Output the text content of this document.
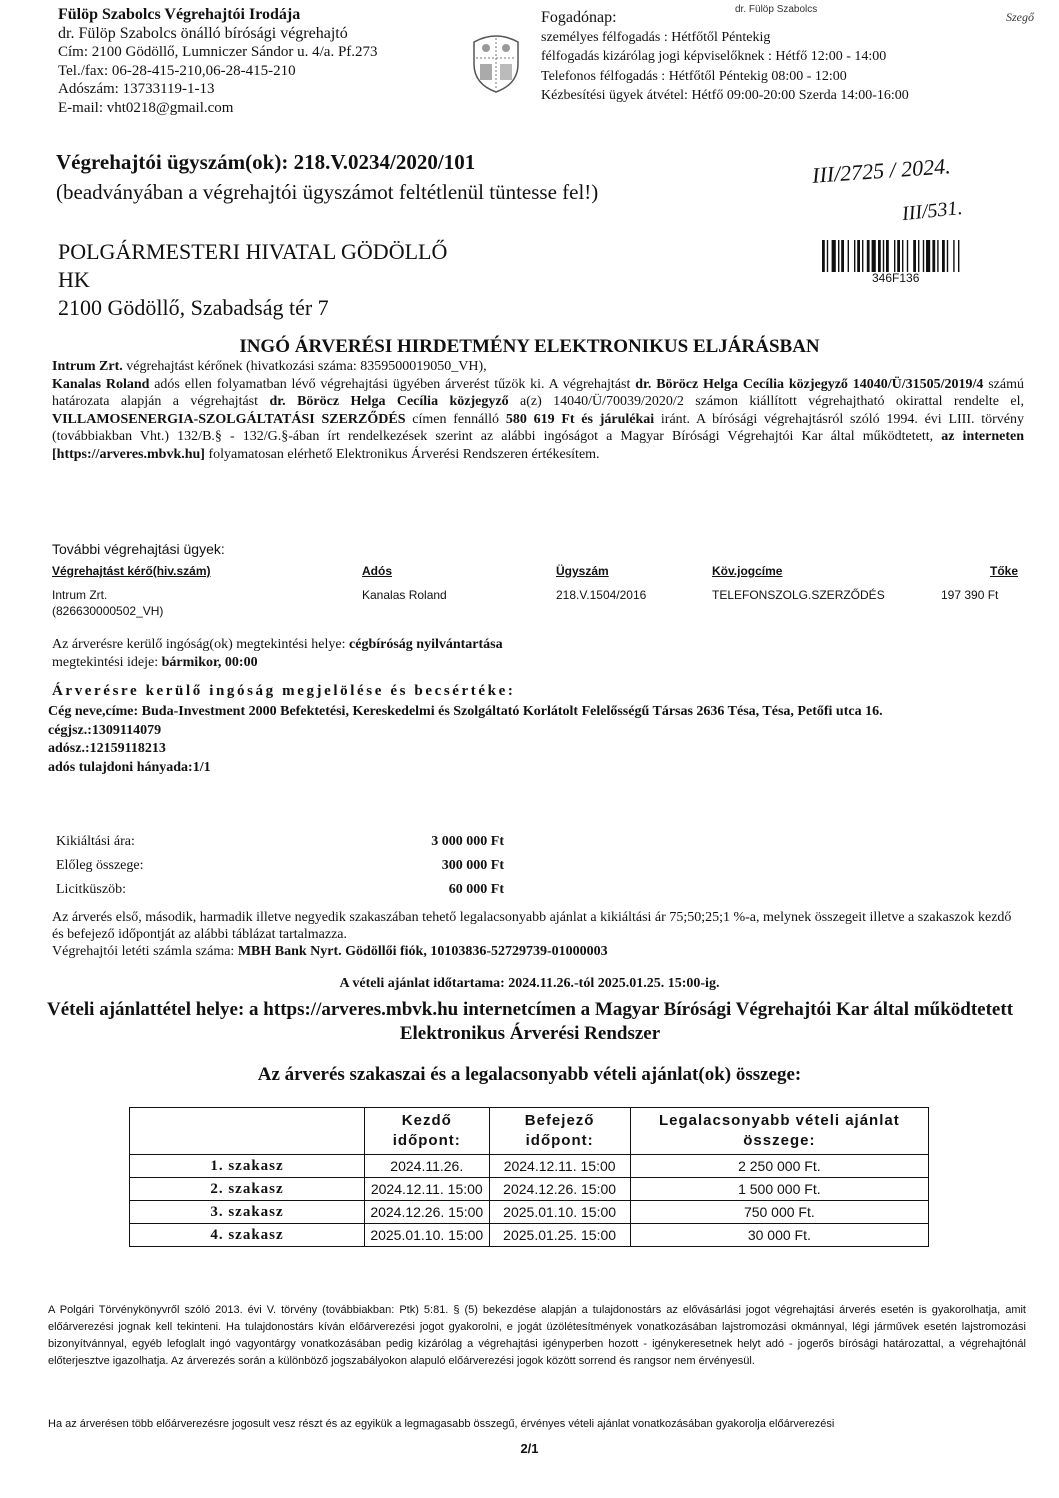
Fülöp Szabolcs Végrehajtói Irodája
dr. Fülöp Szabolcs önálló bírósági végrehajtó
Cím: 2100 Gödöllő, Lumniczer Sándor u. 4/a. Pf.273
Tel./fax: 06-28-415-210,06-28-415-210
Adószám: 13733119-1-13
E-mail: vht0218@gmail.com
Fogadónap:
személyes félfogadás : Hétfőtől Péntekig
félfogadás kizárólag jogi képviselőknek : Hétfő 12:00 - 14:00
Telefonos félfogadás : Hétfőtől Péntekig 08:00 - 12:00
Kézbesítési ügyek átvétel: Hétfő 09:00-20:00 Szerda 14:00-16:00
dr. Fülöp Szabolcs
Szegő
Végrehajtói ügyszám(ok): 218.V.0234/2020/101
(beadványában a végrehajtói ügyszámot feltétlenül tüntesse fel!)
III/2725 / 2024.
III/531.
POLGÁRMESTERI HIVATAL GÖDÖLLŐ
HK
2100 Gödöllő, Szabadság tér 7
346F136
INGÓ ÁRVERÉSI HIRDETMÉNY ELEKTRONIKUS ELJÁRÁSBAN
Intrum Zrt. végrehajtást kérőnek (hivatkozási száma: 8359500019050_VH),
Kanalas Roland adós ellen folyamatban lévő végrehajtási ügyében árverést tűzök ki. A végrehajtást dr. Böröcz Helga Cecília közjegyző 14040/Ü/31505/2019/4 számú határozata alapján a végrehajtást dr. Böröcz Helga Cecília közjegyző a(z) 14040/Ü/70039/2020/2 számon kiállított végrehajtható okirattal rendelte el, VILLAMOSENERGIA-SZOLGÁLTATÁSI SZERZŐDÉS címen fennálló 580 619 Ft és járulékai iránt. A bírósági végrehajtásról szóló 1994. évi LIII. törvény (továbbiakban Vht.) 132/B.§ - 132/G.§-ában írt rendelkezések szerint az alábbi ingóságot a Magyar Bírósági Végrehajtói Kar által működtetett, az interneten [https://arveres.mbvk.hu] folyamatosan elérhető Elektronikus Árverési Rendszeren értékesítem.
További végrehajtási ügyek:
Végrehajtást kérő(hiv.szám)	Adós	Ügyszám	Köv.jogcíme	Tőke
Intrum Zrt.
(826630000502_VH)
Kanalas Roland	218.V.1504/2016	TELEFONSZOLG.SZERZŐDÉS	197 390 Ft
Az árverésre kerülő ingóság(ok) megtekintési helye: cégbíróság nyilvántartása
megtekintési ideje: bármikor, 00:00
Árverésre kerülő ingóság megjelölése és becsértéke:
Cég neve,címe: Buda-Investment 2000 Befektetési, Kereskedelmi és Szolgáltató Korlátolt Felelősségű Társas 2636 Tésa, Tésa, Petőfi utca 16.
cégjsz.:1309114079
adósz.:12159118213
adós tulajdoni hányada:1/1
Kikiáltási ára:	3 000 000 Ft
Előleg összege:	300 000 Ft
Licitküszöb:	60 000 Ft
Az árverés első, második, harmadik illetve negyedik szakaszában tehető legalacsonyabb ajánlat a kikiáltási ár 75;50;25;1 %-a, melynek összegeit illetve a szakaszok kezdő és befejező időpontját az alábbi táblázat tartalmazza.
Végrehajtói letéti számla száma: MBH Bank Nyrt. Gödöllői fiók, 10103836-52729739-01000003
A vételi ajánlat időtartama: 2024.11.26.-tól 2025.01.25. 15:00-ig.
Vételi ajánlattétel helye: a https://arveres.mbvk.hu internetcímen a Magyar Bírósági Végrehajtói Kar által működtetett Elektronikus Árverési Rendszer
Az árverés szakaszai és a legalacsonyabb vételi ajánlat(ok) összege:
	Kezdő időpont:	Befejező időpont:	Legalacsonyabb vételi ajánlat összege:
1. szakasz	2024.11.26.	2024.12.11. 15:00	2 250 000 Ft.
2. szakasz	2024.12.11. 15:00	2024.12.26. 15:00	1 500 000 Ft.
3. szakasz	2024.12.26. 15:00	2025.01.10. 15:00	750 000 Ft.
4. szakasz	2025.01.10. 15:00	2025.01.25. 15:00	30 000 Ft.
A Polgári Törvénykönyvről szóló 2013. évi V. törvény (továbbiakban: Ptk) 5:81. § (5) bekezdése alapján a tulajdonostárs az elővásárlási jogot végrehajtási árverés esetén is gyakorolhatja, amit előárverezési jognak kell tekinteni. Ha tulajdonostárs kíván előárverezési jogot gyakorolni, e jogát üzölétesítmények vonatkozásában lajstromozási okmánnyal, légi járművek esetén lajstromozási bizonyítvánnyal, egyéb lefoglalt ingó vagyontárgy vonatkozásában pedig kizárólag a végrehajtási igényperben hozott - igénykeresetnek helyt adó - jogerős bírósági határozattal, a végrehajtónál előterjesztve igazolhatja. Az árverezés során a különböző jogszabályokon alapuló előárverezési jogok között sorrend és rangsor nem érvényesül.
Ha az árverésen több előárverezésre jogosult vesz részt és az egyikük a legmagasabb összegű, érvényes vételi ajánlat vonatkozásában gyakorolja előárverezési
2/1
